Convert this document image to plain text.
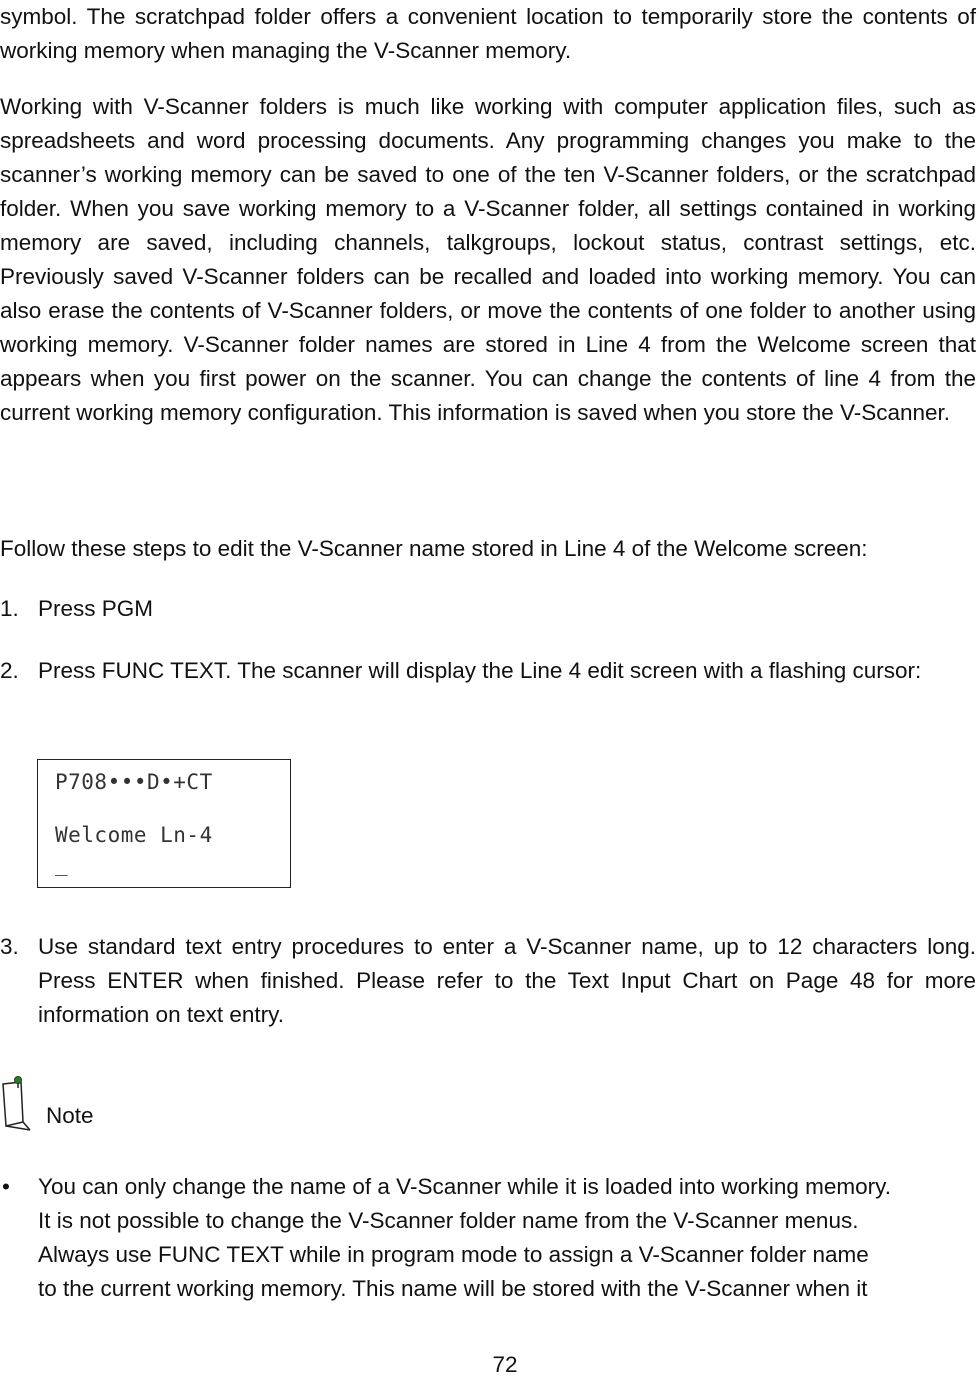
symbol. The scratchpad folder offers a convenient location to temporarily store the contents of working memory when managing the V-Scanner memory.

Working with V-Scanner folders is much like working with computer application files, such as spreadsheets and word processing documents. Any programming changes you make to the scanner’s working memory can be saved to one of the ten V-Scanner folders, or the scratchpad folder. When you save working memory to a V-Scanner folder, all settings contained in working memory are saved, including channels, talkgroups, lockout status, contrast settings, etc. Previously saved V-Scanner folders can be recalled and loaded into working memory. You can also erase the contents of V-Scanner folders, or move the contents of one folder to another using working memory. V-Scanner folder names are stored in Line 4 from the Welcome screen that appears when you first power on the scanner. You can change the contents of line 4 from the current working memory configuration. This information is saved when you store the V-Scanner.

Follow these steps to edit the V-Scanner name stored in Line 4 of the Welcome screen:

1. Press PGM

2. Press FUNC TEXT. The scanner will display the Line 4 edit screen with a flashing cursor:

P708•••D•+CT
Welcome Ln-4
_
3. Use standard text entry procedures to enter a V-Scanner name, up to 12 characters long. Press ENTER when finished. Please refer to the Text Input Chart on Page 48 for more information on text entry.

Note
• You can only change the name of a V-Scanner while it is loaded into working memory.
It is not possible to change the V-Scanner folder name from the V-Scanner menus.
Always use FUNC TEXT while in program mode to assign a V-Scanner folder name
to the current working memory. This name will be stored with the V-Scanner when it
72
